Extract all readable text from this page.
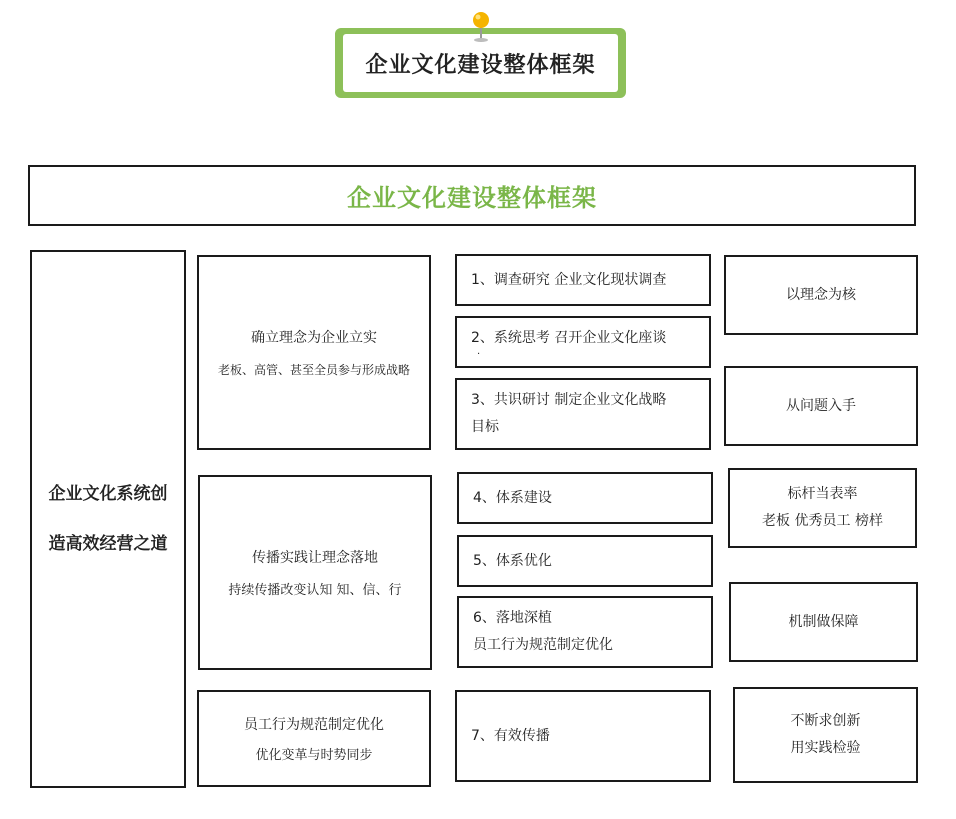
企业文化建设整体框架
企业文化建设整体框架
企业文化系统创
造高效经营之道
确立理念为企业立实
老板、高管、甚至全员参与形成战略
传播实践让理念落地
持续传播改变认知 知、信、行
员工行为规范制定优化
优化变革与时势同步
1、调查研究 企业文化现状调查
2、系统思考 召开企业文化座谈
·
3、共识研讨 制定企业文化战略
目标
4、体系建设
5、体系优化
6、落地深植
员工行为规范制定优化
7、有效传播
以理念为核
从问题入手
标杆当表率
老板 优秀员工 榜样
机制做保障
不断求创新
用实践检验
